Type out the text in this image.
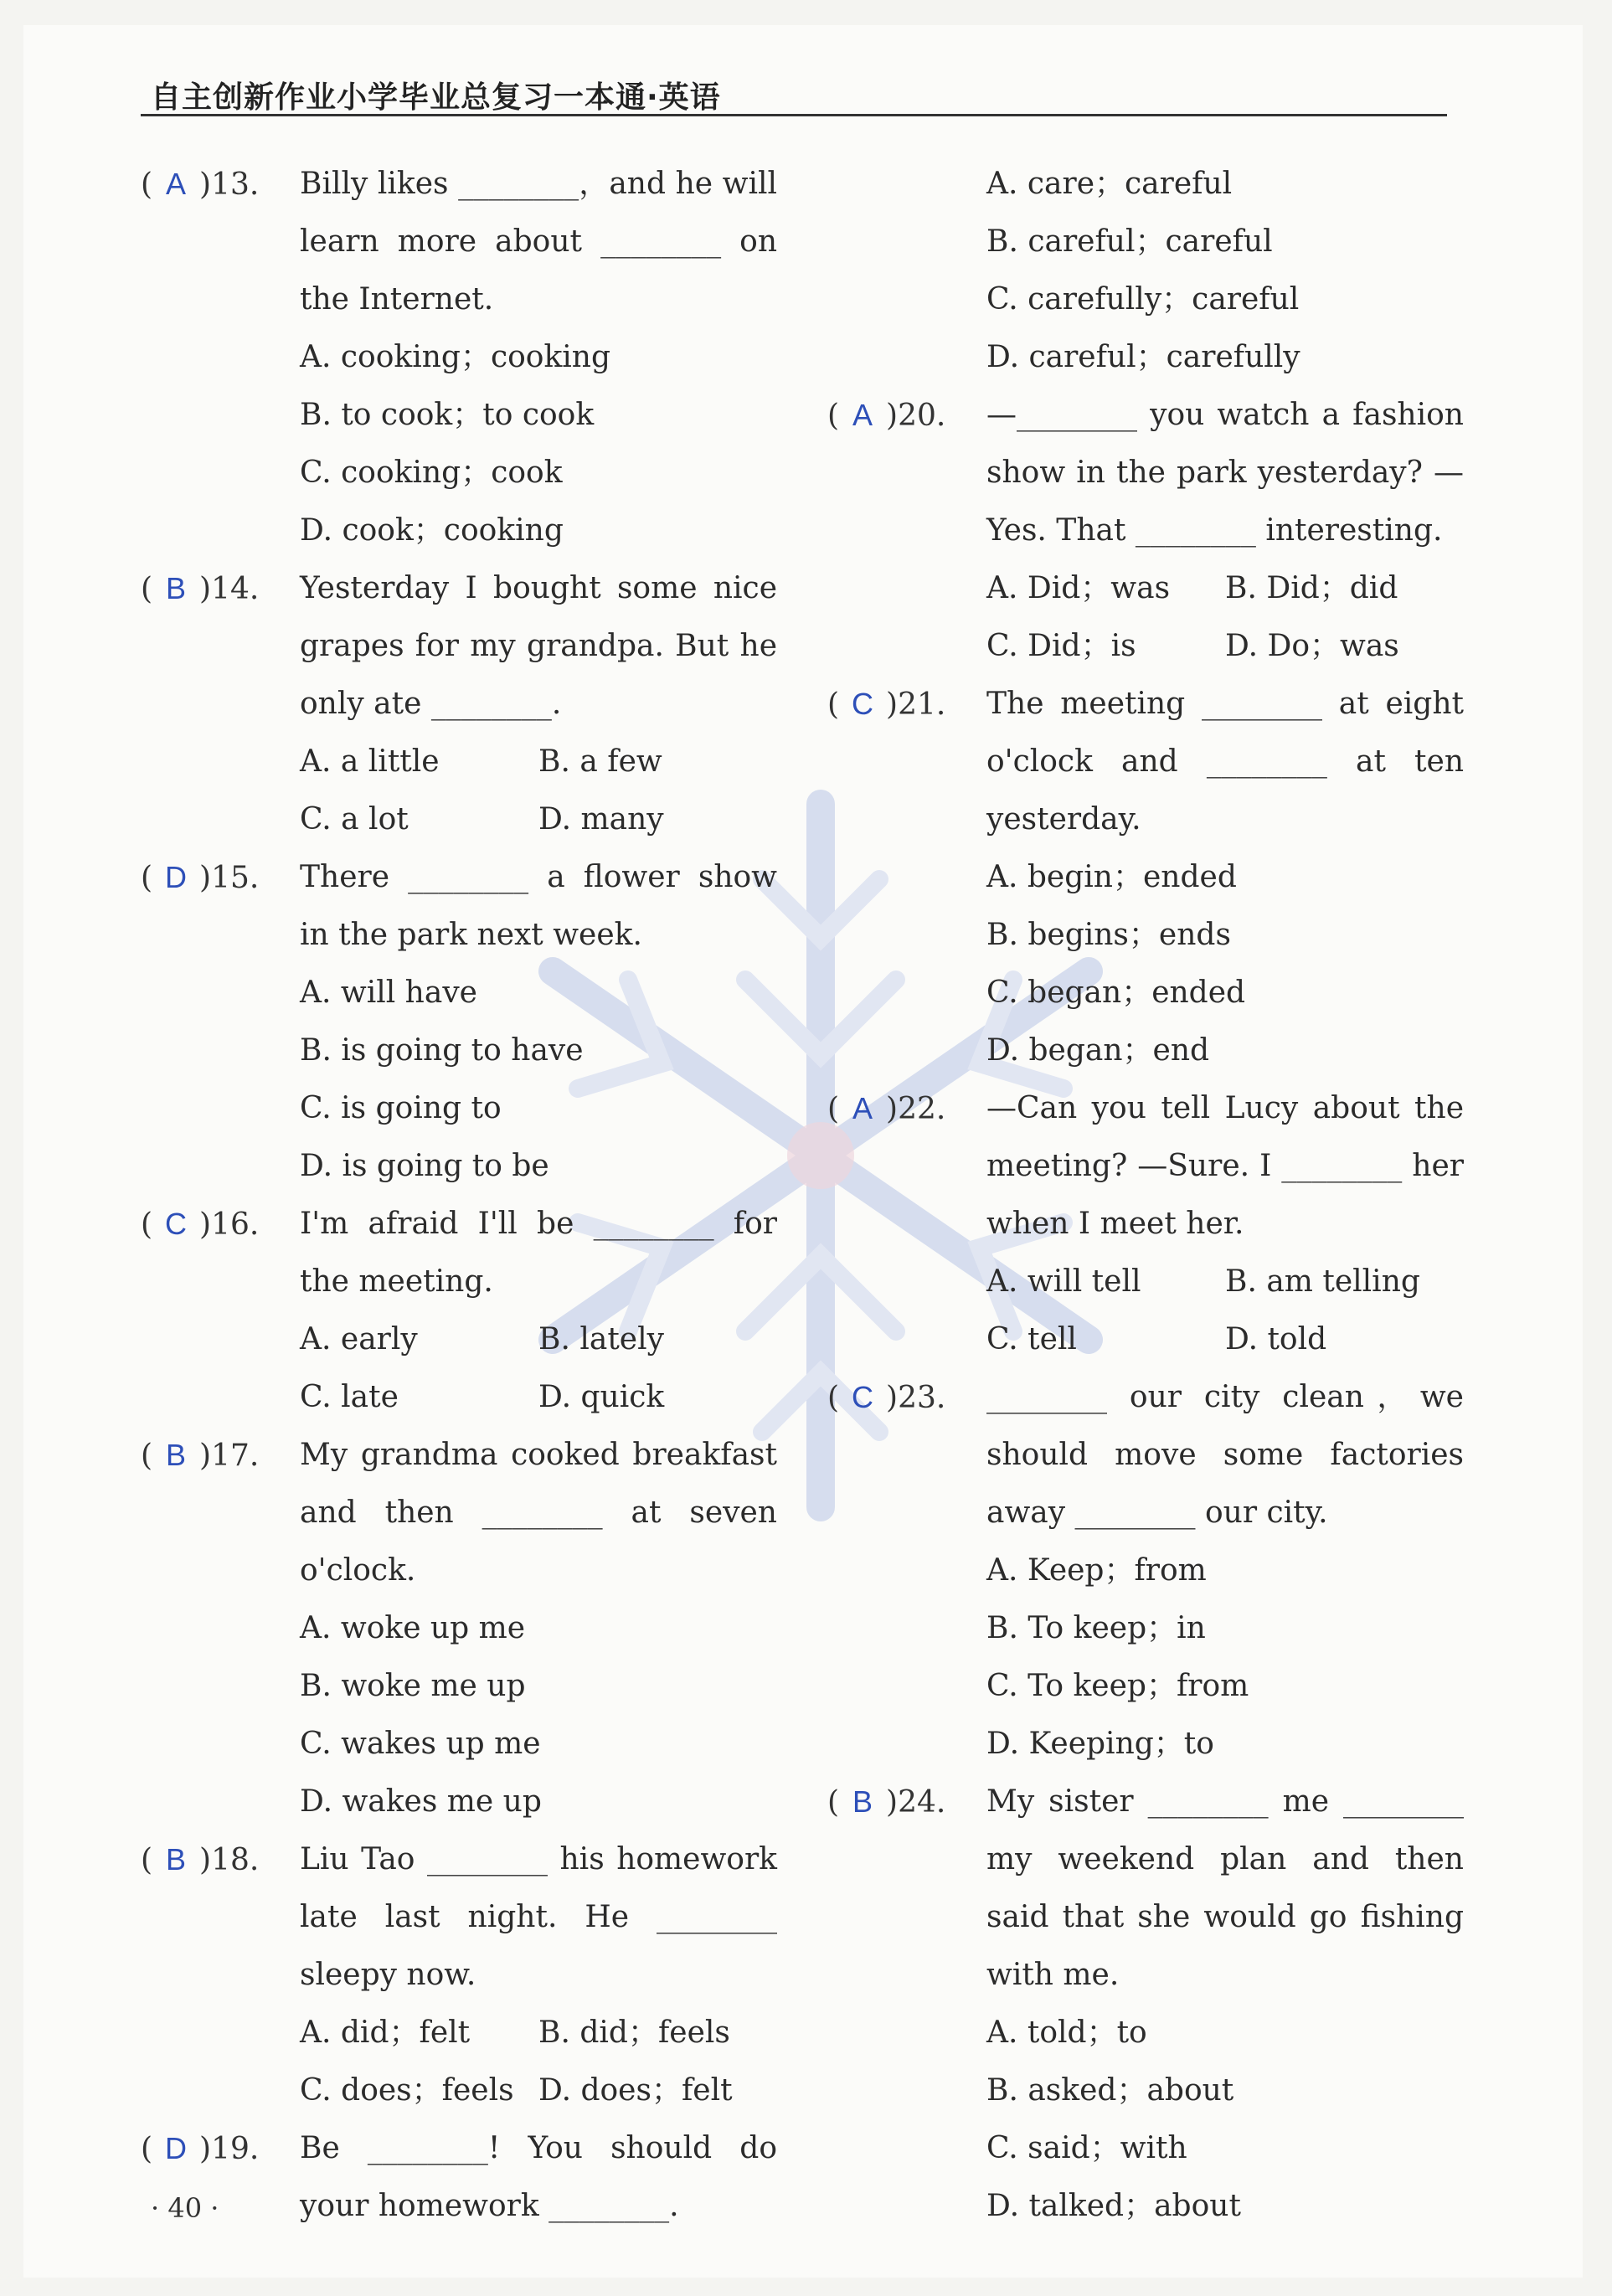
自主创新作业小学毕业总复习一本通·英语
( A )13.	Billy likes ________，and he will learn more about ________ on the Internet.
A. cooking；cooking
B. to cook；to cook
C. cooking；cook
D. cook；cooking
( B )14.	Yesterday I bought some nice grapes for my grandpa. But he only ate ________.
A. a little	B. a few
C. a lot	D. many
( D )15.	There ________ a flower show in the park next week.
A. will have
B. is going to have
C. is going to
D. is going to be
( C )16.	I'm afraid I'll be ________ for the meeting.
A. early	B. lately
C. late	D. quick
( B )17.	My grandma cooked breakfast and then ________ at seven o'clock.
A. woke up me
B. woke me up
C. wakes up me
D. wakes me up
( B )18.	Liu Tao ________ his homework late last night. He ________ sleepy now.
A. did；felt	B. did；feels
C. does；feels D. does；felt
( D )19.	Be ________! You should do your homework ________.
A. care；careful
B. careful；careful
C. carefully；careful
D. careful；carefully
( A )20.	—________ you watch a fashion show in the park yesterday? —Yes. That ________ interesting.
A. Did；was	B. Did；did
C. Did；is	D. Do；was
( C )21.	The meeting ________ at eight o'clock and ________ at ten yesterday.
A. begin；ended
B. begins；ends
C. began；ended
D. began；end
( A )22.	—Can you tell Lucy about the meeting? —Sure. I ________ her when I meet her.
A. will tell	B. am telling
C. tell	D. told
( C )23.	________ our city clean，we should move some factories away ________ our city.
A. Keep；from
B. To keep；in
C. To keep；from
D. Keeping；to
( B )24.	My sister ________ me ________ my weekend plan and then said that she would go fishing with me.
A. told；to
B. asked；about
C. said；with
D. talked；about
· 40 ·
